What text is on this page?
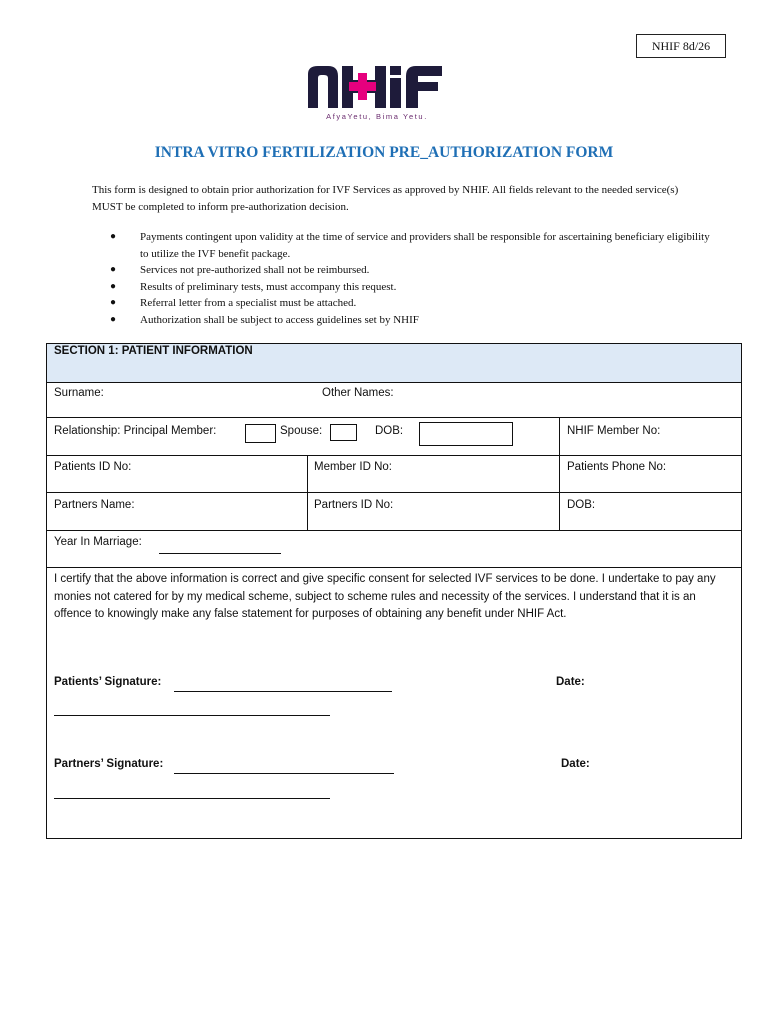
NHIF 8d/26
AfyaYetu, Bima Yetu.
INTRA VITRO FERTILIZATION PRE_AUTHORIZATION FORM
This form is designed to obtain prior authorization for IVF Services as approved by NHIF. All fields relevant to the needed service(s) MUST be completed to inform pre-authorization decision.
● Payments contingent upon validity at the time of service and providers shall be responsible for ascertaining beneficiary eligibility to utilize the IVF benefit package.
● Services not pre-authorized shall not be reimbursed.
● Results of preliminary tests, must accompany this request.
● Referral letter from a specialist must be attached.
● Authorization shall be subject to access guidelines set by NHIF
SECTION 1: PATIENT INFORMATION
Surname:	Other Names:
Relationship: Principal Member:	Spouse:	DOB:	NHIF Member No:
Patients ID No:	Member ID No:	Patients Phone No:
Partners Name:	Partners ID No:	DOB:
Year In Marriage:
I certify that the above information is correct and give specific consent for selected IVF services to be done. I undertake to pay any monies not catered for by my medical scheme, subject to scheme rules and necessity of the services. I understand that it is an offence to knowingly make any false statement for purposes of obtaining any benefit under NHIF Act.
Patients’ Signature:	Date:
Partners’ Signature:	Date:
